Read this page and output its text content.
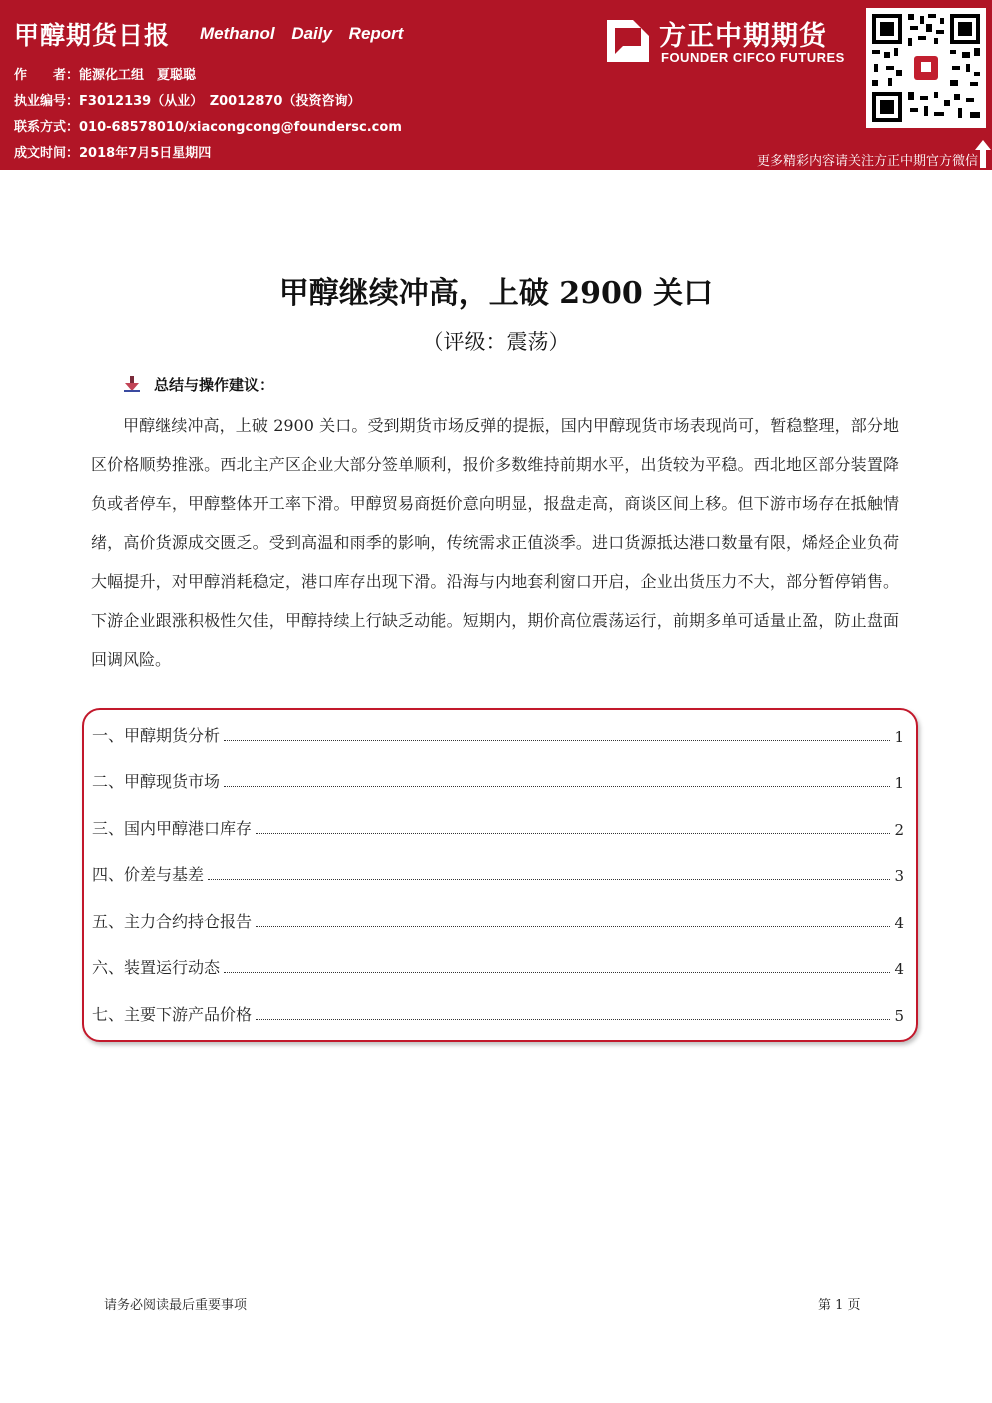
甲醇期货日报 Methanol Daily Report
作　　者：能源化工组　夏聪聪
执业编号：F3012139（从业）　Z0012870（投资咨询）
联系方式：010-68578010/xiacongcong@foundersc.com
成文时间：2018年7月5日星期四
方正中期期货
FOUNDER CIFCO FUTURES
更多精彩内容请关注方正中期官方微信
甲醇继续冲高，上破 2900 关口
（评级：震荡）
总结与操作建议：
甲醇继续冲高，上破 2900 关口。受到期货市场反弹的提振，国内甲醇现货市场表现尚可，暂稳整理，部分地区价格顺势推涨。西北主产区企业大部分签单顺利，报价多数维持前期水平，出货较为平稳。西北地区部分装置降负或者停车，甲醇整体开工率下滑。甲醇贸易商挺价意向明显，报盘走高，商谈区间上移。但下游市场存在抵触情绪，高价货源成交匮乏。受到高温和雨季的影响，传统需求正值淡季。进口货源抵达港口数量有限，烯烃企业负荷大幅提升，对甲醇消耗稳定，港口库存出现下滑。沿海与内地套利窗口开启，企业出货压力不大，部分暂停销售。下游企业跟涨积极性欠佳，甲醇持续上行缺乏动能。短期内，期价高位震荡运行，前期多单可适量止盈，防止盘面回调风险。
一、甲醇期货分析	1
二、甲醇现货市场	1
三、国内甲醇港口库存	2
四、价差与基差	3
五、主力合约持仓报告	4
六、装置运行动态	4
七、主要下游产品价格	5
请务必阅读最后重要事项	第 1 页
